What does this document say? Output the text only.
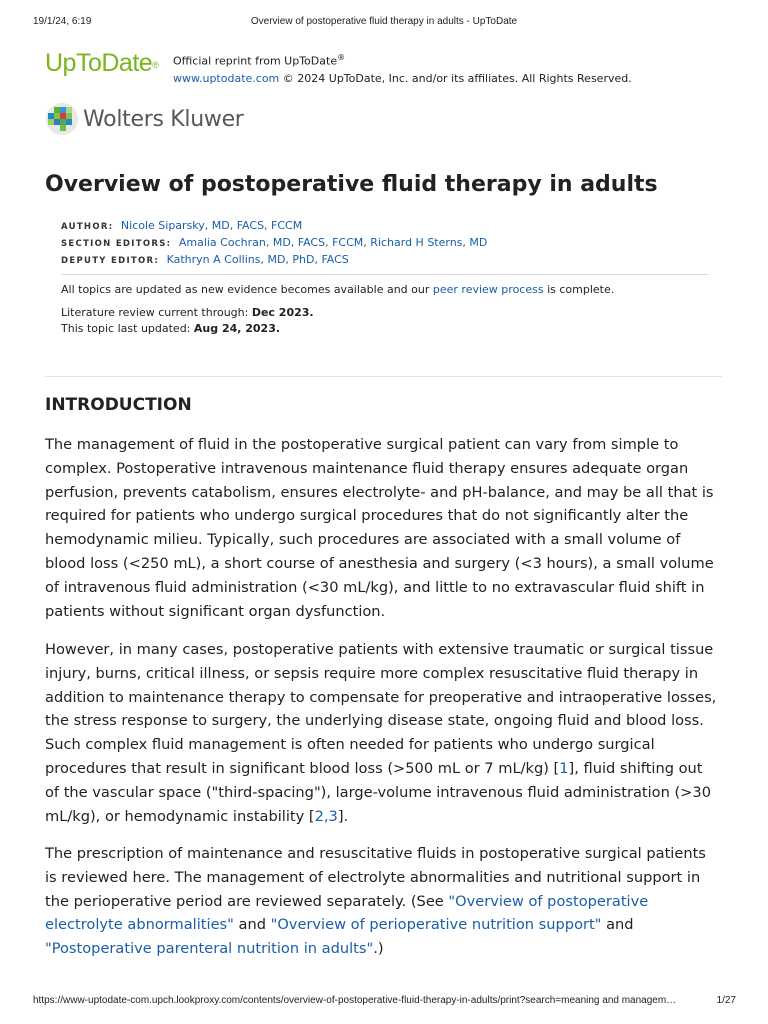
19/1/24, 6:19	Overview of postoperative fluid therapy in adults - UpToDate
UpToDate® Official reprint from UpToDate®
www.uptodate.com © 2024 UpToDate, Inc. and/or its affiliates. All Rights Reserved.
Wolters Kluwer
Overview of postoperative fluid therapy in adults
AUTHOR: Nicole Siparsky, MD, FACS, FCCM
SECTION EDITORS: Amalia Cochran, MD, FACS, FCCM, Richard H Sterns, MD
DEPUTY EDITOR: Kathryn A Collins, MD, PhD, FACS
All topics are updated as new evidence becomes available and our peer review process is complete.
Literature review current through: Dec 2023.
This topic last updated: Aug 24, 2023.
INTRODUCTION

The management of fluid in the postoperative surgical patient can vary from simple to complex. Postoperative intravenous maintenance fluid therapy ensures adequate organ perfusion, prevents catabolism, ensures electrolyte- and pH-balance, and may be all that is required for patients who undergo surgical procedures that do not significantly alter the hemodynamic milieu. Typically, such procedures are associated with a small volume of blood loss (<250 mL), a short course of anesthesia and surgery (<3 hours), a small volume of intravenous fluid administration (<30 mL/kg), and little to no extravascular fluid shift in patients without significant organ dysfunction.

However, in many cases, postoperative patients with extensive traumatic or surgical tissue injury, burns, critical illness, or sepsis require more complex resuscitative fluid therapy in addition to maintenance therapy to compensate for preoperative and intraoperative losses, the stress response to surgery, the underlying disease state, ongoing fluid and blood loss. Such complex fluid management is often needed for patients who undergo surgical procedures that result in significant blood loss (>500 mL or 7 mL/kg) [1], fluid shifting out of the vascular space ("third-spacing"), large-volume intravenous fluid administration (>30 mL/kg), or hemodynamic instability [2,3].

The prescription of maintenance and resuscitative fluids in postoperative surgical patients is reviewed here. The management of electrolyte abnormalities and nutritional support in the perioperative period are reviewed separately. (See "Overview of postoperative electrolyte abnormalities" and "Overview of perioperative nutrition support" and "Postoperative parenteral nutrition in adults".)

https://www-uptodate-com.upch.lookproxy.com/contents/overview-of-postoperative-fluid-therapy-in-adults/print?search=meaning and managem…	1/27
